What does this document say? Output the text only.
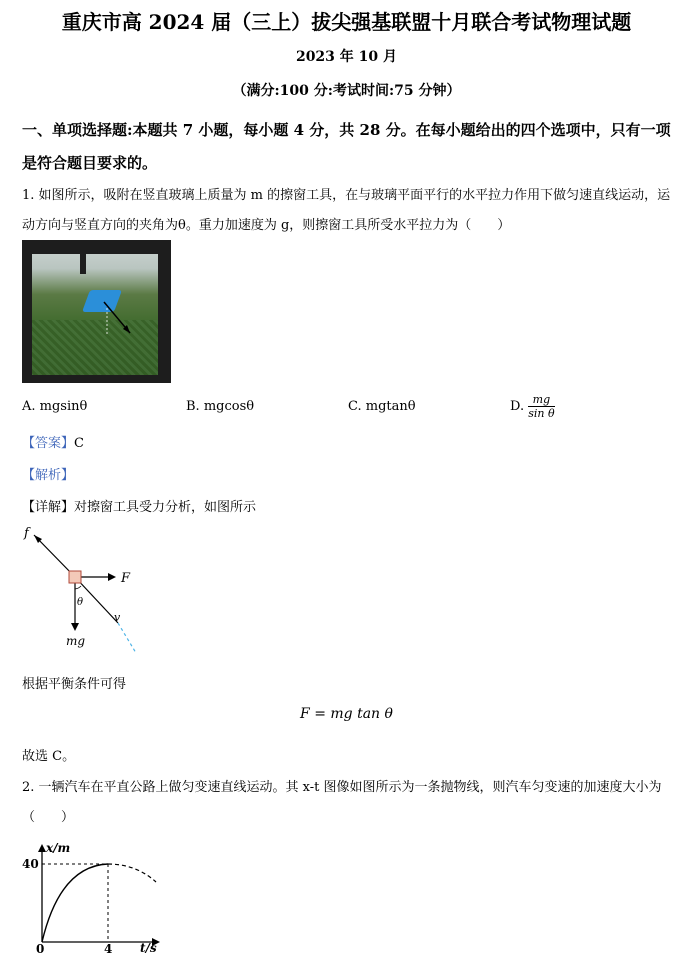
重庆市高 2024 届（三上）拔尖强基联盟十月联合考试物理试题
2023 年 10 月
（满分:100 分:考试时间:75 分钟）
一、单项选择题:本题共 7 小题，每小题 4 分，共 28 分。在每小题给出的四个选项中，只有一项是符合题目要求的。
1. 如图所示，吸附在竖直玻璃上质量为 m 的擦窗工具，在与玻璃平面平行的水平拉力作用下做匀速直线运动，运动方向与竖直方向的夹角为θ。重力加速度为 g，则擦窗工具所受水平拉力为（　　）
A. mgsinθ	B. mgcosθ	C. mgtanθ	D. $\frac{mg}{\text{sin θ}}$
【答案】C
【解析】
【详解】对擦窗工具受力分析，如图所示
f
F
θ
v
mg
根据平衡条件可得
F = mg tan θ
故选 C。
2. 一辆汽车在平直公路上做匀变速直线运动。其 x-t 图像如图所示为一条抛物线，则汽车匀变速的加速度大小为（　　）
x/m
t/s
40
4
0
